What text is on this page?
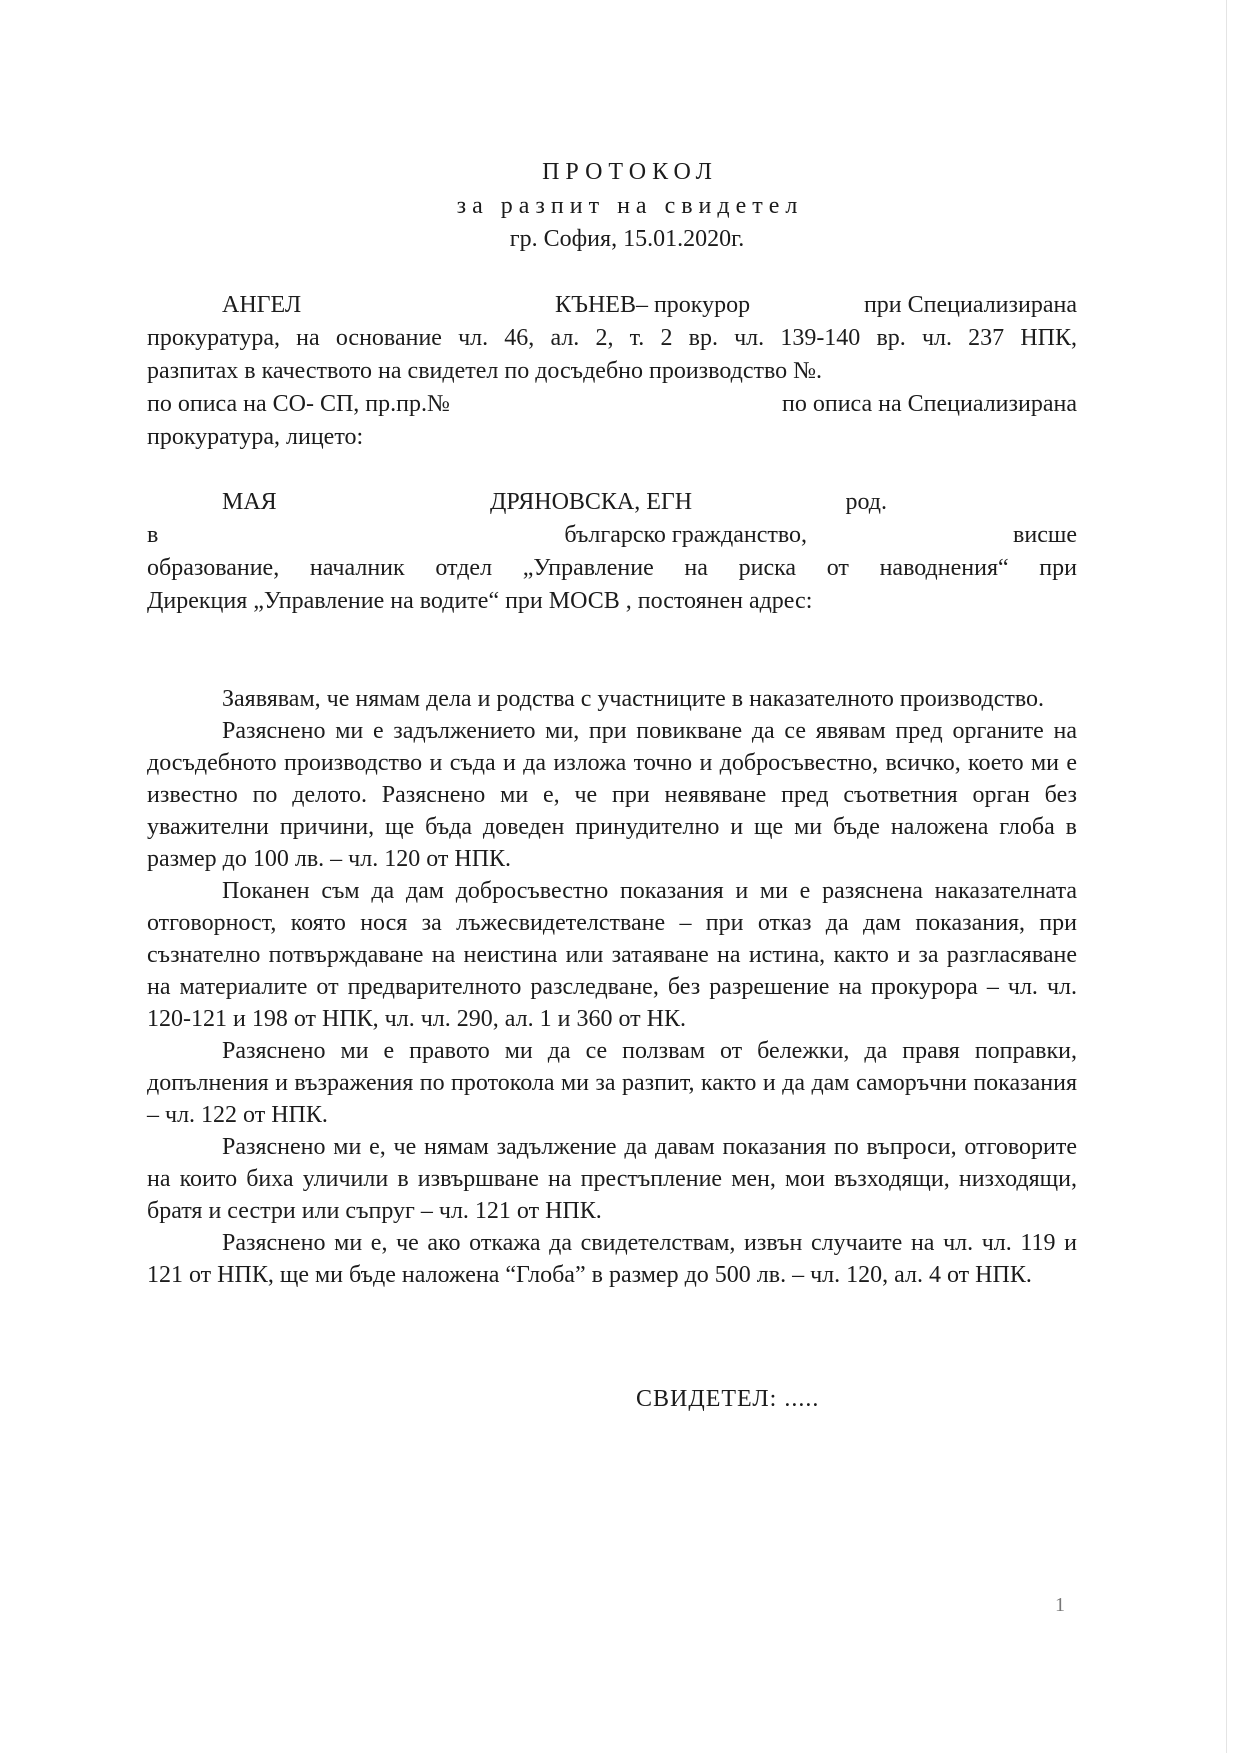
ПРОТОКОЛ
за разпит на свидетел
гр. София, 15.01.2020г.
АНГЕЛ	КЪНЕВ– прокурор	при Специализирана

прокуратура, на основание чл. 46, ал. 2, т. 2 вр. чл. 139-140 вр. чл. 237 НПК,

разпитах в качеството на свидетел по досъдебно производство №.

по описа на СО- СП, пр.пр.№	по описа на Специализирана

прокуратура, лицето:

МАЯ	ДРЯНОВСКА, ЕГН	род.
в	българско гражданство,	висше

образование, началник отдел „Управление на риска от наводнения“ при

Дирекция „Управление на водите“ при МОСВ , постоянен адрес:

Заявявам, че нямам дела и родства с участниците в наказателното производство.

Разяснено ми е задължението ми, при повикване да се явявам пред органите на досъдебното производство и съда и да изложа точно и добросъвестно, всичко, което ми е известно по делото. Разяснено ми е, че при неявяване пред съответния орган без уважителни причини, ще бъда доведен принудително и ще ми бъде наложена глоба в размер до 100 лв. – чл. 120 от НПК.

Поканен съм да дам добросъвестно показания и ми е разяснена наказателната отговорност, която нося за лъжесвидетелстване – при отказ да дам показания, при съзнателно потвърждаване на неистина или затаяване на истина, както и за разгласяване на материалите от предварителното разследване, без разрешение на прокурора – чл. чл. 120-121 и 198 от НПК, чл. чл. 290, ал. 1 и 360 от НК.

Разяснено ми е правото ми да се ползвам от бележки, да правя поправки, допълнения и възражения по протокола ми за разпит, както и да дам саморъчни показания – чл. 122 от НПК.

Разяснено ми е, че нямам задължение да давам показания по въпроси, отговорите на които биха уличили в извършване на престъпление мен, мои възходящи, низходящи, братя и сестри или съпруг – чл. 121 от НПК.

Разяснено ми е, че ако откажа да свидетелствам, извън случаите на чл. чл. 119 и 121 от НПК, ще ми бъде наложена “Глоба” в размер до 500 лв. – чл. 120, ал. 4 от НПК.

СВИДЕТЕЛ: .....
1
